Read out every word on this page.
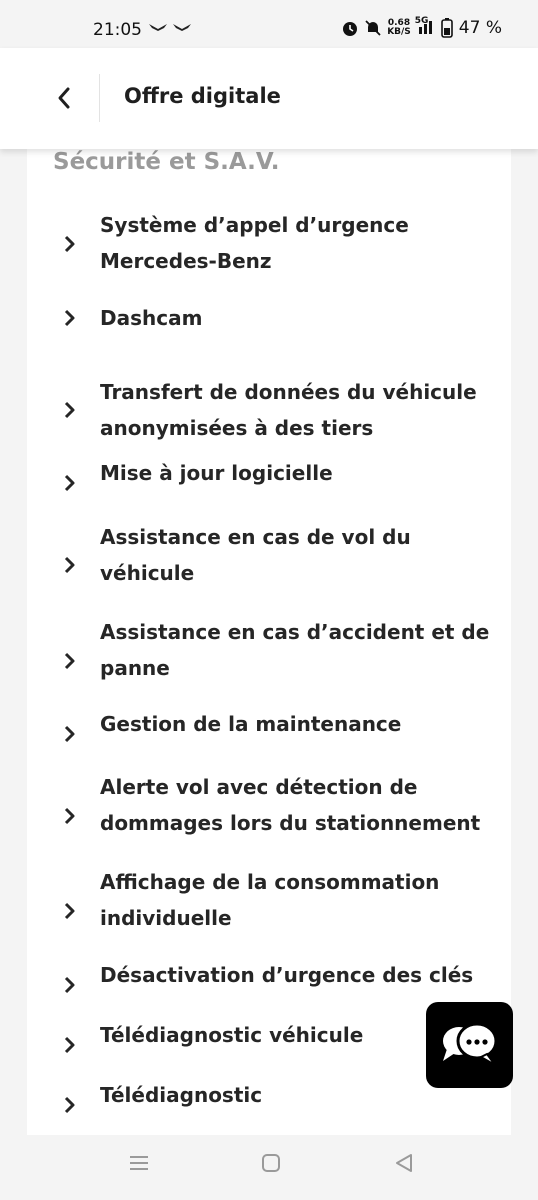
21:05	0.68
KB/S
5G 47 %
Offre digitale
Sécurité et S.A.V.
Système d’appel d’urgence Mercedes-Benz
Dashcam
Transfert de données du véhicule anonymisées à des tiers
Mise à jour logicielle
Assistance en cas de vol du véhicule
Assistance en cas d’accident et de panne
Gestion de la maintenance
Alerte vol avec détection de dommages lors du stationnement
Affichage de la consommation individuelle
Désactivation d’urgence des clés
Télédiagnostic véhicule
Télédiagnostic
